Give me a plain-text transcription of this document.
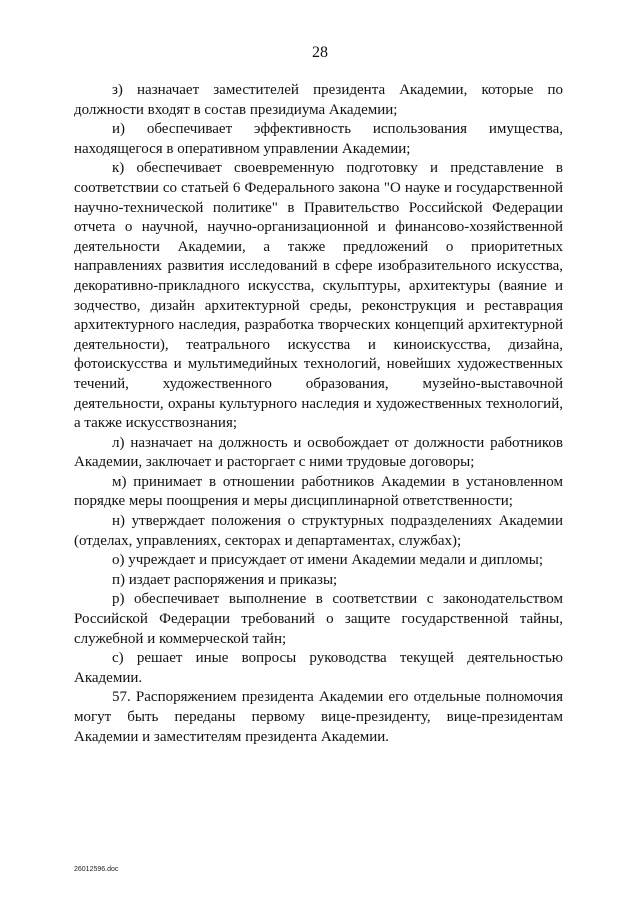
28

з) назначает заместителей президента Академии, которые по должности входят в состав президиума Академии;

и) обеспечивает эффективность использования имущества, находящегося в оперативном управлении Академии;

к) обеспечивает своевременную подготовку и представление в соответствии со статьей 6 Федерального закона "О науке и государственной научно-технической политике" в Правительство Российской Федерации отчета о научной, научно-организационной и финансово-хозяйственной деятельности Академии, а также предложений о приоритетных направлениях развития исследований в сфере изобразительного искусства, декоративно-прикладного искусства, скульптуры, архитектуры (ваяние и зодчество, дизайн архитектурной среды, реконструкция и реставрация архитектурного наследия, разработка творческих концепций архитектурной деятельности), театрального искусства и киноискусства, дизайна, фотоискусства и мультимедийных технологий, новейших художественных течений, художественного образования, музейно-выставочной деятельности, охраны культурного наследия и художественных технологий, а также искусствознания;

л) назначает на должность и освобождает от должности работников Академии, заключает и расторгает с ними трудовые договоры;

м) принимает в отношении работников Академии в установленном порядке меры поощрения и меры дисциплинарной ответственности;

н) утверждает положения о структурных подразделениях Академии (отделах, управлениях, секторах и департаментах, службах);

о) учреждает и присуждает от имени Академии медали и дипломы;

п) издает распоряжения и приказы;

р) обеспечивает выполнение в соответствии с законодательством Российской Федерации требований о защите государственной тайны, служебной и коммерческой тайн;

с) решает иные вопросы руководства текущей деятельностью Академии.

57. Распоряжением президента Академии его отдельные полномочия могут быть переданы первому вице-президенту, вице-президентам Академии и заместителям президента Академии.

26012596.doc
